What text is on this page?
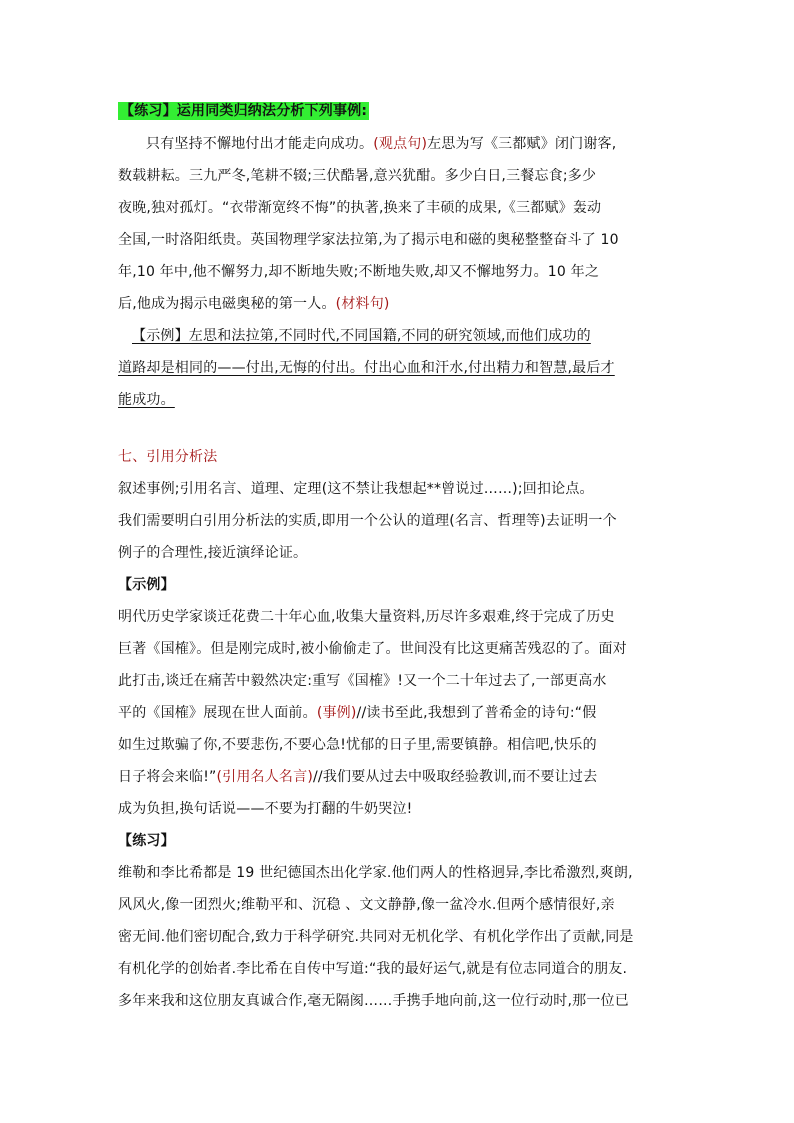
【练习】运用同类归纳法分析下列事例:
只有坚持不懈地付出才能走向成功。(观点句)左思为写《三都赋》闭门谢客,
数载耕耘。三九严冬,笔耕不辍;三伏酷暑,意兴犹酣。多少白日,三餐忘食;多少
夜晚,独对孤灯。“衣带渐宽终不悔”的执著,换来了丰硕的成果,《三都赋》轰动
全国,一时洛阳纸贵。英国物理学家法拉第,为了揭示电和磁的奥秘整整奋斗了 10
年,10 年中,他不懈努力,却不断地失败;不断地失败,却又不懈地努力。10 年之
后,他成为揭示电磁奥秘的第一人。(材料句)
【示例】左思和法拉第,不同时代,不同国籍,不同的研究领域,而他们成功的
道路却是相同的——付出,无悔的付出。付出心血和汗水,付出精力和智慧,最后才
能成功。
七、引用分析法
叙述事例;引用名言、道理、定理(这不禁让我想起**曾说过……);回扣论点。
我们需要明白引用分析法的实质,即用一个公认的道理(名言、哲理等)去证明一个
例子的合理性,接近演绎论证。
【示例】
明代历史学家谈迁花费二十年心血,收集大量资料,历尽许多艰难,终于完成了历史
巨著《国榷》。但是刚完成时,被小偷偷走了。世间没有比这更痛苦残忍的了。面对
此打击,谈迁在痛苦中毅然决定:重写《国榷》!又一个二十年过去了,一部更高水
平的《国榷》展现在世人面前。(事例)//读书至此,我想到了普希金的诗句:“假
如生过欺骗了你,不要悲伤,不要心急!忧郁的日子里,需要镇静。相信吧,快乐的
日子将会来临!”(引用名人名言)//我们要从过去中吸取经验教训,而不要让过去
成为负担,换句话说——不要为打翻的牛奶哭泣!
【练习】
维勒和李比希都是 19 世纪德国杰出化学家.他们两人的性格迥异,李比希激烈,爽朗,
风风火,像一团烈火;维勒平和、沉稳 、文文静静,像一盆冷水.但两个感情很好,亲
密无间.他们密切配合,致力于科学研究.共同对无机化学、有机化学作出了贡献,同是
有机化学的创始者.李比希在自传中写道:“我的最好运气,就是有位志同道合的朋友.
多年来我和这位朋友真诚合作,毫无隔阂……手携手地向前,这一位行动时,那一位已
